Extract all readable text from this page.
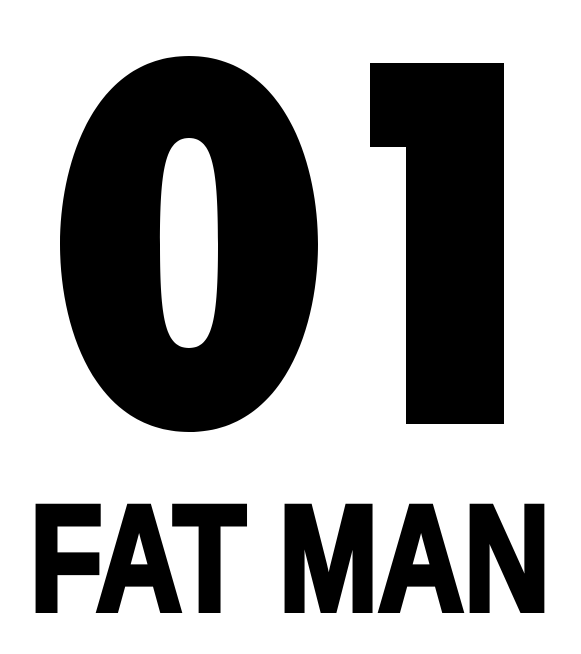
FAT MAN
